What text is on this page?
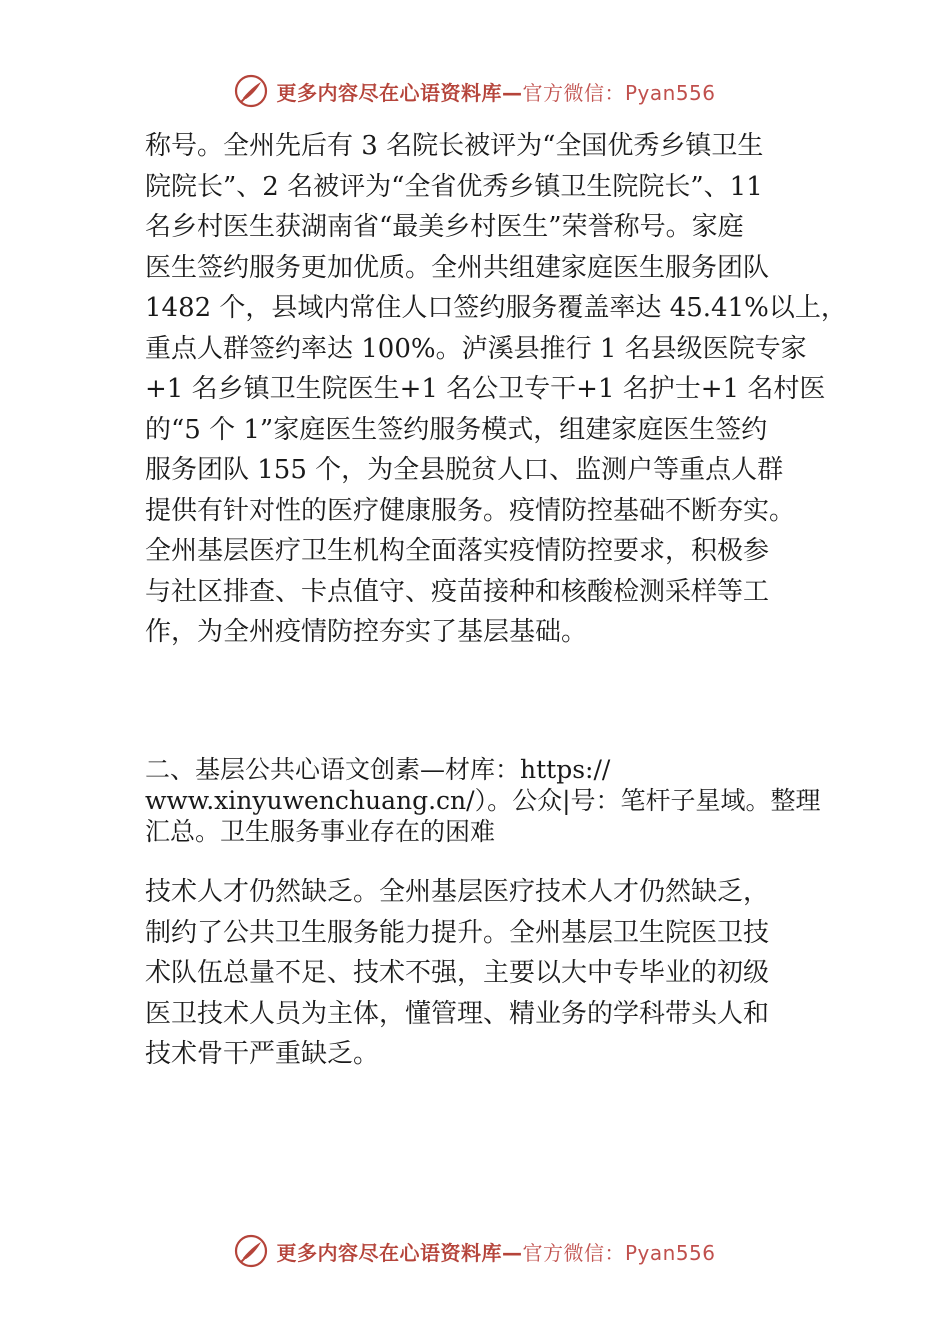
更多内容尽在心语资料库—官方微信：Pyan556

称号。全州先后有 3 名院长被评为“全国优秀乡镇卫生
院院长”、2 名被评为“全省优秀乡镇卫生院院长”、11
名乡村医生获湖南省“最美乡村医生”荣誉称号。家庭
医生签约服务更加优质。全州共组建家庭医生服务团队
1482 个，县域内常住人口签约服务覆盖率达 45.41%以上，
重点人群签约率达 100%。泸溪县推行 1 名县级医院专家
+1 名乡镇卫生院医生+1 名公卫专干+1 名护士+1 名村医
的“5 个 1”家庭医生签约服务模式，组建家庭医生签约
服务团队 155 个，为全县脱贫人口、监测户等重点人群
提供有针对性的医疗健康服务。疫情防控基础不断夯实。
全州基层医疗卫生机构全面落实疫情防控要求，积极参
与社区排查、卡点值守、疫苗接种和核酸检测采样等工
作，为全州疫情防控夯实了基层基础。

二、基层公共心语文创素—材库：https://
www.xinyuwenchuang.cn/）。公众|号：笔杆子星域。整理
汇总。卫生服务事业存在的困难

技术人才仍然缺乏。全州基层医疗技术人才仍然缺乏，
制约了公共卫生服务能力提升。全州基层卫生院医卫技
术队伍总量不足、技术不强，主要以大中专毕业的初级
医卫技术人员为主体，懂管理、精业务的学科带头人和
技术骨干严重缺乏。

更多内容尽在心语资料库—官方微信：Pyan556
